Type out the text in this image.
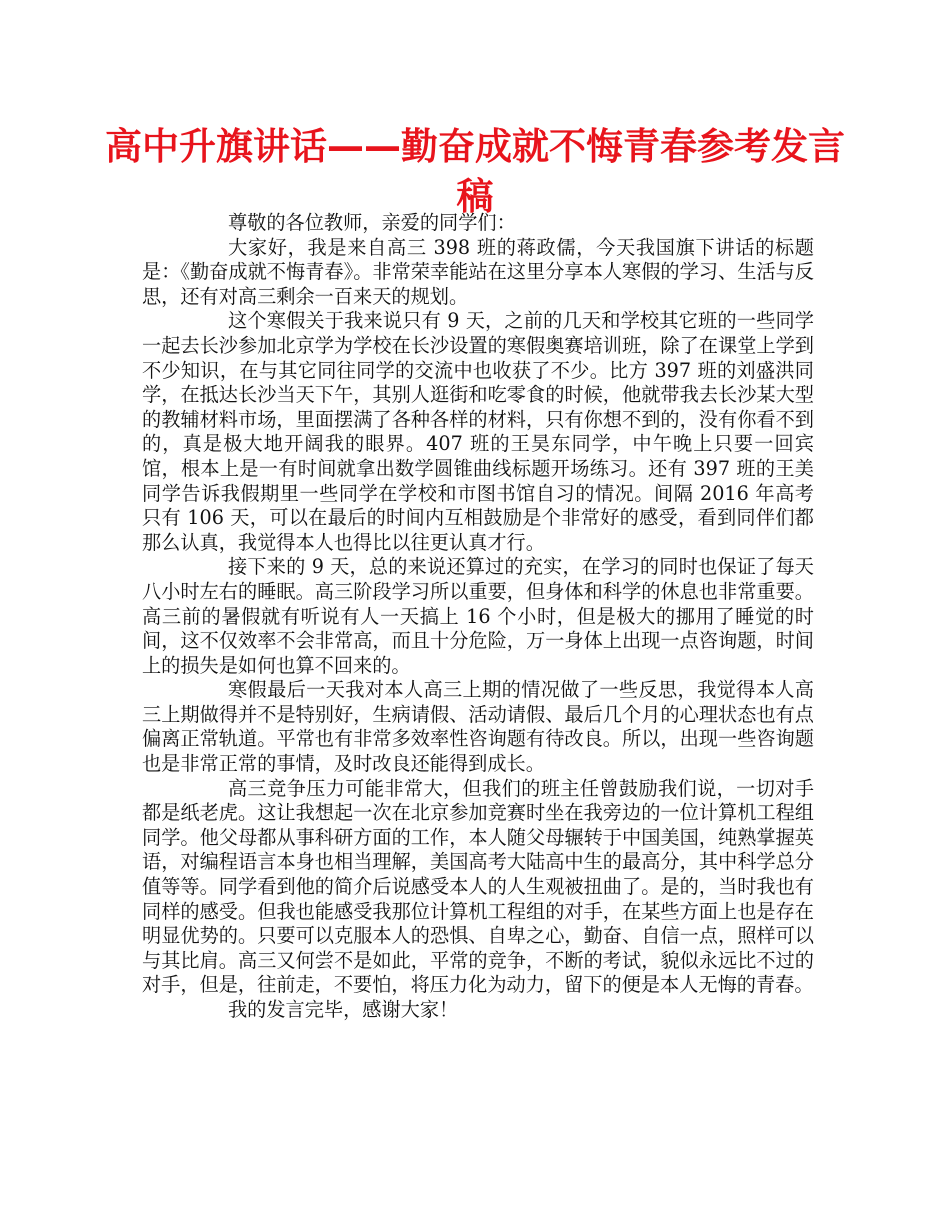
高中升旗讲话——勤奋成就不悔青春参考发言稿

尊敬的各位教师，亲爱的同学们：

大家好，我是来自高三 398 班的蒋政儒，今天我国旗下讲话的标题是：《勤奋成就不悔青春》。非常荣幸能站在这里分享本人寒假的学习、生活与反思，还有对高三剩余一百来天的规划。

这个寒假关于我来说只有 9 天，之前的几天和学校其它班的一些同学一起去长沙参加北京学为学校在长沙设置的寒假奥赛培训班，除了在课堂上学到不少知识，在与其它同往同学的交流中也收获了不少。比方 397 班的刘盛洪同学，在抵达长沙当天下午，其别人逛街和吃零食的时候，他就带我去长沙某大型的教辅材料市场，里面摆满了各种各样的材料，只有你想不到的，没有你看不到的，真是极大地开阔我的眼界。407 班的王昊东同学，中午晚上只要一回宾馆，根本上是一有时间就拿出数学圆锥曲线标题开场练习。还有 397 班的王美同学告诉我假期里一些同学在学校和市图书馆自习的情况。间隔 2016 年高考只有 106 天，可以在最后的时间内互相鼓励是个非常好的感受，看到同伴们都那么认真，我觉得本人也得比以往更认真才行。

接下来的 9 天，总的来说还算过的充实，在学习的同时也保证了每天八小时左右的睡眠。高三阶段学习所以重要，但身体和科学的休息也非常重要。高三前的暑假就有听说有人一天搞上 16 个小时，但是极大的挪用了睡觉的时间，这不仅效率不会非常高，而且十分危险，万一身体上出现一点咨询题，时间上的损失是如何也算不回来的。

寒假最后一天我对本人高三上期的情况做了一些反思，我觉得本人高三上期做得并不是特别好，生病请假、活动请假、最后几个月的心理状态也有点偏离正常轨道。平常也有非常多效率性咨询题有待改良。所以，出现一些咨询题也是非常正常的事情，及时改良还能得到成长。

高三竞争压力可能非常大，但我们的班主任曾鼓励我们说，一切对手都是纸老虎。这让我想起一次在北京参加竞赛时坐在我旁边的一位计算机工程组同学。他父母都从事科研方面的工作，本人随父母辗转于中国美国，纯熟掌握英语，对编程语言本身也相当理解，美国高考大陆高中生的最高分，其中科学总分值等等。同学看到他的简介后说感受本人的人生观被扭曲了。是的，当时我也有同样的感受。但我也能感受我那位计算机工程组的对手，在某些方面上也是存在明显优势的。只要可以克服本人的恐惧、自卑之心，勤奋、自信一点，照样可以与其比肩。高三又何尝不是如此，平常的竞争，不断的考试，貌似永远比不过的对手，但是，往前走，不要怕，将压力化为动力，留下的便是本人无悔的青春。

我的发言完毕，感谢大家！
